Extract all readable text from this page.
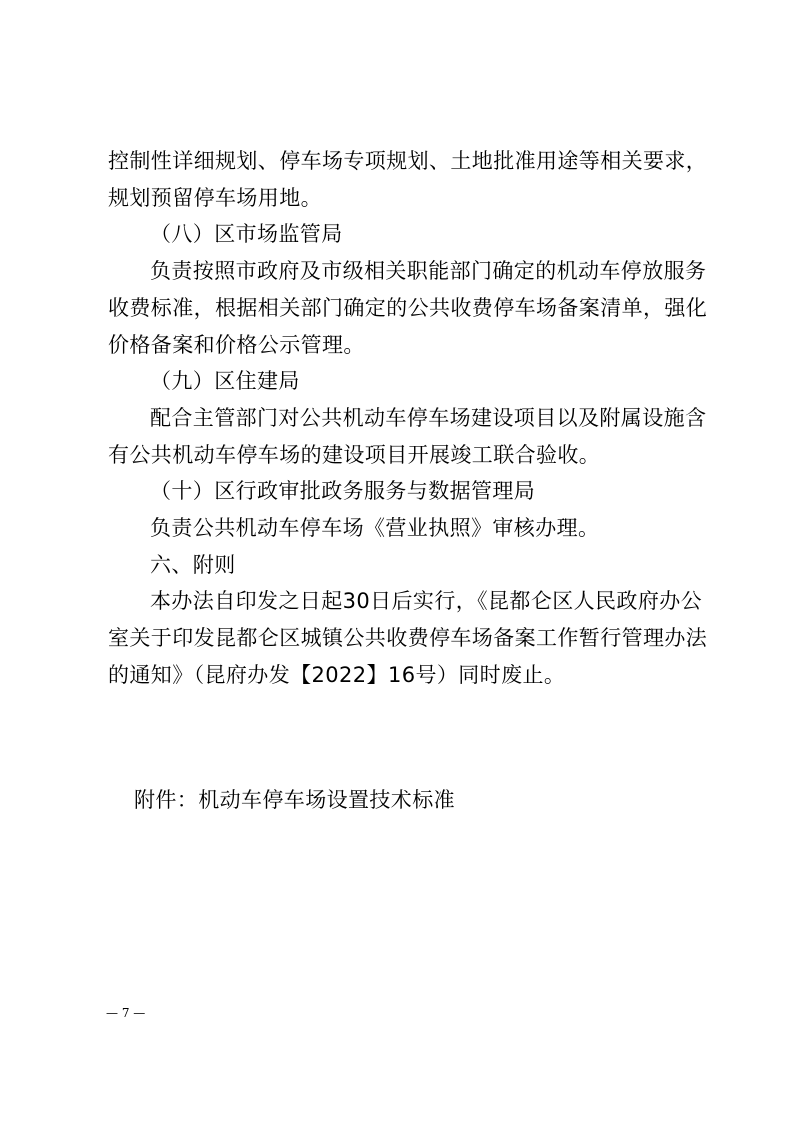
控制性详细规划、停车场专项规划、土地批准用途等相关要求，
规划预留停车场用地。
（八）区市场监管局
负责按照市政府及市级相关职能部门确定的机动车停放服务
收费标准，根据相关部门确定的公共收费停车场备案清单，强化
价格备案和价格公示管理。
（九）区住建局
配合主管部门对公共机动车停车场建设项目以及附属设施含
有公共机动车停车场的建设项目开展竣工联合验收。
（十）区行政审批政务服务与数据管理局
负责公共机动车停车场《营业执照》审核办理。
六、附则
本办法自印发之日起30日后实行，《昆都仑区人民政府办公
室关于印发昆都仑区城镇公共收费停车场备案工作暂行管理办法
的通知》（昆府办发【2022】16号）同时废止。
附件：机动车停车场设置技术标准
— 7 —
